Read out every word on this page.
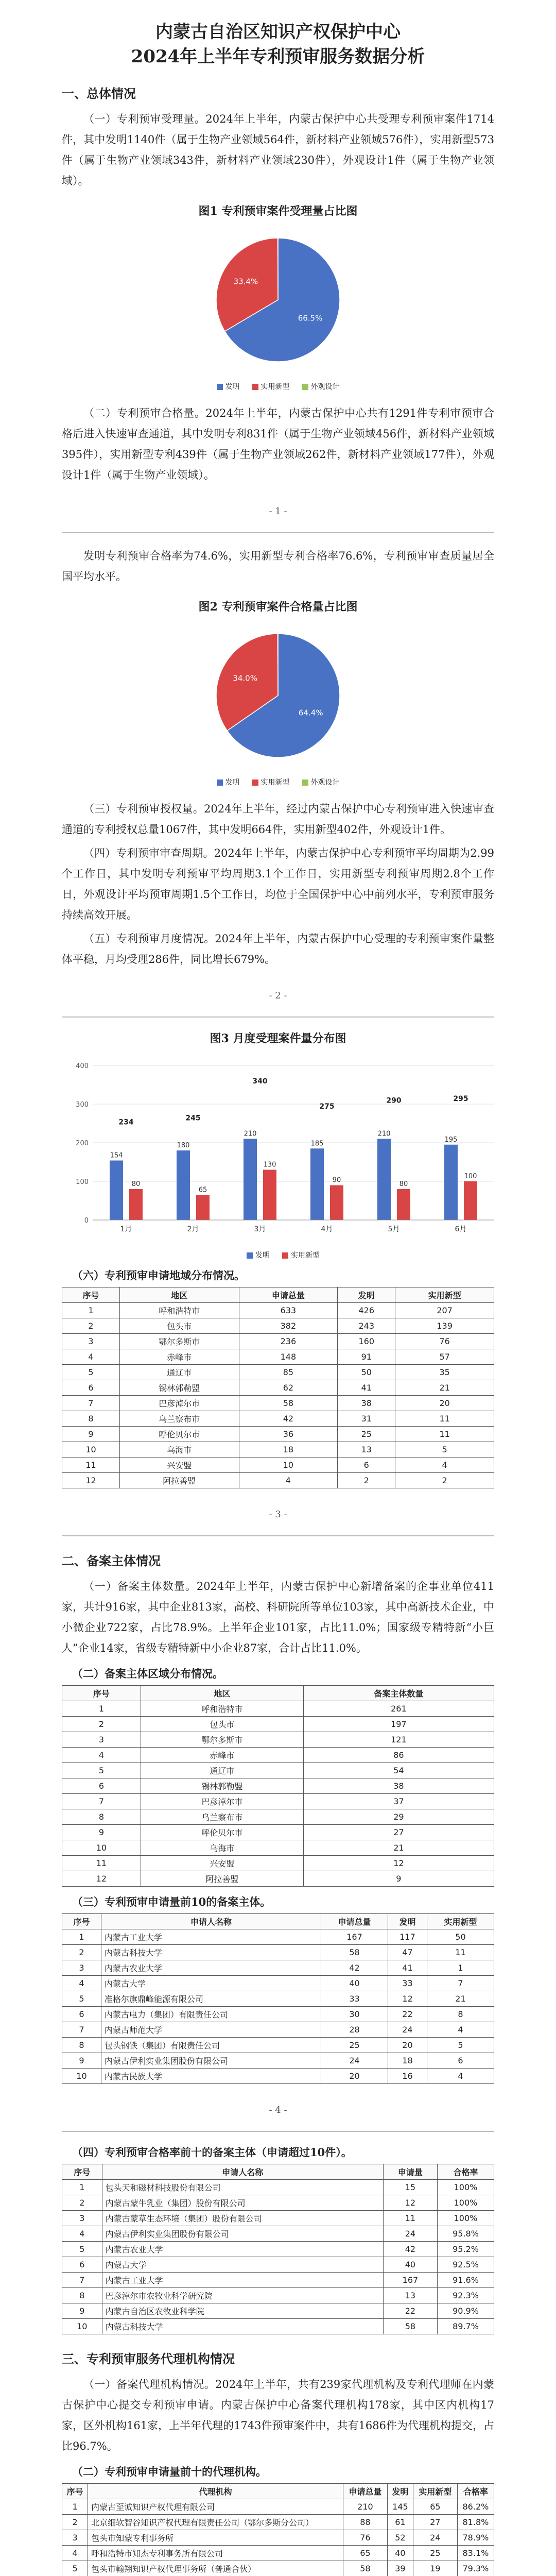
内蒙古自治区知识产权保护中心
2024年上半年专利预审服务数据分析
一、总体情况

（一）专利预审受理量。2024年上半年，内蒙古保护中心共受理专利预审案件1714件，其中发明1140件（属于生物产业领域564件，新材料产业领域576件），实用新型573件（属于生物产业领域343件，新材料产业领域230件），外观设计1件（属于生物产业领域）。

图1 专利预审案件受理量占比图
66.5%
33.4%
发明	实用新型	外观设计

（二）专利预审合格量。2024年上半年，内蒙古保护中心共有1291件专利审预审合格后进入快速审查通道，其中发明专利831件（属于生物产业领域456件，新材料产业领域395件），实用新型专利439件（属于生物产业领域262件，新材料产业领域177件），外观设计1件（属于生物产业领域）。

- 1 -

发明专利预审合格率为74.6%，实用新型专利合格率76.6%，专利预审审查质量居全国平均水平。

图2 专利预审案件合格量占比图
64.4%
34.0%
发明	实用新型	外观设计

（三）专利预审授权量。2024年上半年，经过内蒙古保护中心专利预审进入快速审查通道的专利授权总量1067件，其中发明664件，实用新型402件，外观设计1件。

（四）专利预审审查周期。2024年上半年，内蒙古保护中心专利预审平均周期为2.99个工作日，其中发明专利预审平均周期3.1个工作日，实用新型专利预审周期2.8个工作日，外观设计平均预审周期1.5个工作日，均位于全国保护中心中前列水平，专利预审服务持续高效开展。

（五）专利预审月度情况。2024年上半年，内蒙古保护中心受理的专利预审案件量整体平稳，月均受理286件，同比增长679%。

- 2 -
图3 月度受理案件量分布图
0
100
200
300
400
154
80
234
1月
180
65
245
2月
210
130
340
3月
185
90
275
4月
210
80
290
5月
195
100
295
6月
发明	实用新型
（六）专利预审申请地域分布情况。
序号	地区	申请总量	发明	实用新型
1	呼和浩特市	633	426	207
2	包头市	382	243	139
3	鄂尔多斯市	236	160	76
4	赤峰市	148	91	57
5	通辽市	85	50	35
6	锡林郭勒盟	62	41	21
7	巴彦淖尔市	58	38	20
8	乌兰察布市	42	31	11
9	呼伦贝尔市	36	25	11
10	乌海市	18	13	5
11	兴安盟	10	6	4
12	阿拉善盟	4	2	2
- 3 -
二、备案主体情况

（一）备案主体数量。2024年上半年，内蒙古保护中心新增备案的企事业单位411家，共计916家，其中企业813家，高校、科研院所等单位103家，其中高新技术企业，中小微企业722家，占比78.9%。上半年企业101家，占比11.0%；国家级专精特新“小巨人”企业14家，省级专精特新中小企业87家，合计占比11.0%。

（二）备案主体区域分布情况。
序号	地区	备案主体数量
1	呼和浩特市	261
2	包头市	197
3	鄂尔多斯市	121
4	赤峰市	86
5	通辽市	54
6	锡林郭勒盟	38
7	巴彦淖尔市	37
8	乌兰察布市	29
9	呼伦贝尔市	27
10	乌海市	21
11	兴安盟	12
12	阿拉善盟	9
（三）专利预审申请量前10的备案主体。
序号	申请人名称	申请总量	发明	实用新型
1	内蒙古工业大学	167	117	50
2	内蒙古科技大学	58	47	11
3	内蒙古农业大学	42	41	1
4	内蒙古大学	40	33	7
5	准格尔旗鼎峰能源有限公司	33	12	21
6	内蒙古电力（集团）有限责任公司	30	22	8
7	内蒙古师范大学	28	24	4
8	包头钢铁（集团）有限责任公司	25	20	5
9	内蒙古伊利实业集团股份有限公司	24	18	6
10	内蒙古民族大学	20	16	4
- 4 -
（四）专利预审合格率前十的备案主体（申请超过10件）。
序号	申请人名称	申请量	合格率
1	包头天和磁材科技股份有限公司	15	100%
2	内蒙古蒙牛乳业（集团）股份有限公司	12	100%
3	内蒙古蒙草生态环境（集团）股份有限公司	11	100%
4	内蒙古伊利实业集团股份有限公司	24	95.8%
5	内蒙古农业大学	42	95.2%
6	内蒙古大学	40	92.5%
7	内蒙古工业大学	167	91.6%
8	巴彦淖尔市农牧业科学研究院	13	92.3%
9	内蒙古自治区农牧业科学院	22	90.9%
10	内蒙古科技大学	58	89.7%
三、专利预审服务代理机构情况

（一）备案代理机构情况。2024年上半年，共有239家代理机构及专利代理师在内蒙古保护中心提交专利预审申请。内蒙古保护中心备案代理机构178家，其中区内机构17家，区外机构161家，上半年代理的1743件预审案件中，共有1686件为代理机构提交，占比96.7%。

（二）专利预审申请量前十的代理机构。
序号	代理机构	申请总量	发明	实用新型	合格率
1	内蒙古至诚知识产权代理有限公司	210	145	65	86.2%
2	北京细软智谷知识产权代理有限责任公司（鄂尔多斯分公司）	88	61	27	81.8%
3	包头市知蒙专利事务所	76	52	24	78.9%
4	呼和浩特市知杰专利事务所有限公司	65	40	25	83.1%
5	包头市翰翔知识产权代理事务所（普通合伙）	58	39	19	79.3%
